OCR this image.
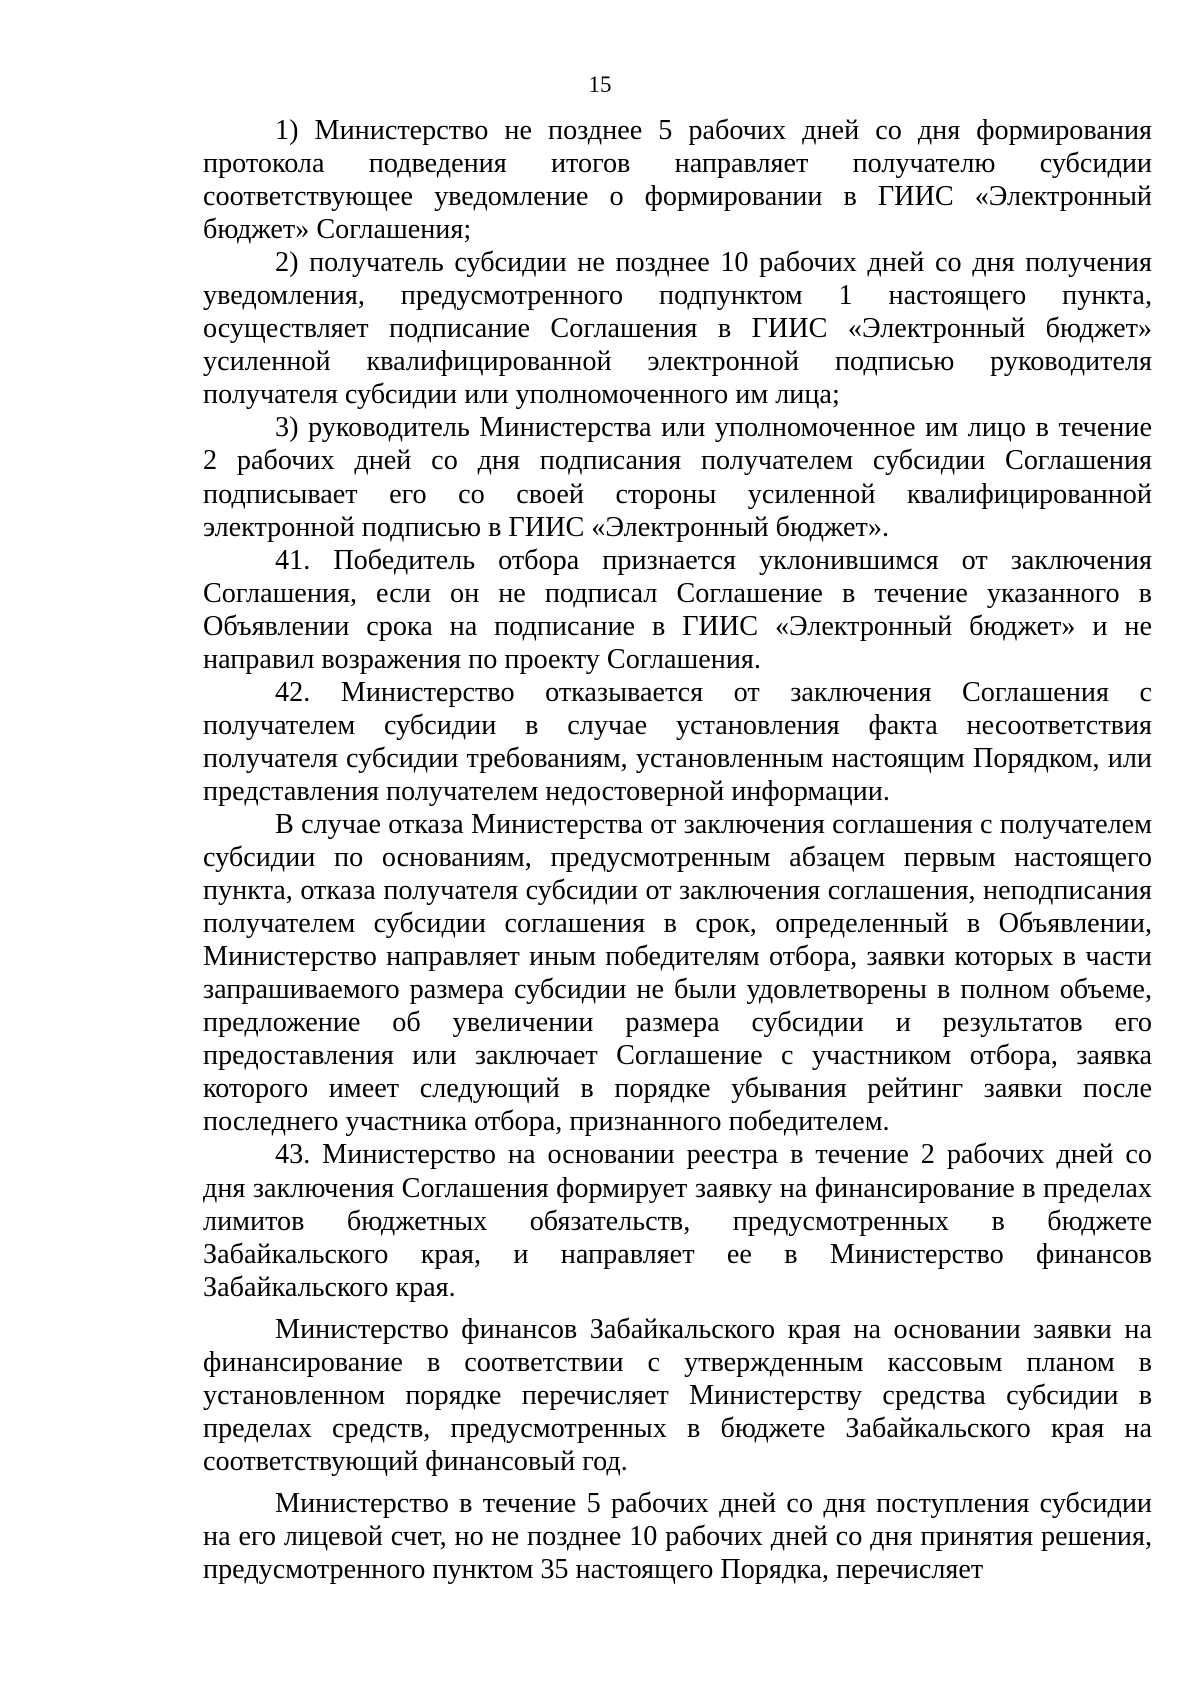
15

1) Министерство не позднее 5 рабочих дней со дня формирования протокола подведения итогов направляет получателю субсидии соответствующее уведомление о формировании в ГИИС «Электронный бюджет» Соглашения;

2) получатель субсидии не позднее 10 рабочих дней со дня получения уведомления, предусмотренного подпунктом 1 настоящего пункта, осуществляет подписание Соглашения в ГИИС «Электронный бюджет» усиленной квалифицированной электронной подписью руководителя получателя субсидии или уполномоченного им лица;

3) руководитель Министерства или уполномоченное им лицо в течение 2 рабочих дней со дня подписания получателем субсидии Соглашения подписывает его со своей стороны усиленной квалифицированной электронной подписью в ГИИС «Электронный бюджет».

41. Победитель отбора признается уклонившимся от заключения Соглашения, если он не подписал Соглашение в течение указанного в Объявлении срока на подписание в ГИИС «Электронный бюджет» и не направил возражения по проекту Соглашения.

42. Министерство отказывается от заключения Соглашения с получателем субсидии в случае установления факта несоответствия получателя субсидии требованиям, установленным настоящим Порядком, или представления получателем недостоверной информации.

В случае отказа Министерства от заключения соглашения с получателем субсидии по основаниям, предусмотренным абзацем первым настоящего пункта, отказа получателя субсидии от заключения соглашения, неподписания получателем субсидии соглашения в срок, определенный в Объявлении, Министерство направляет иным победителям отбора, заявки которых в части запрашиваемого размера субсидии не были удовлетворены в полном объеме, предложение об увеличении размера субсидии и результатов его предоставления или заключает Соглашение с участником отбора, заявка которого имеет следующий в порядке убывания рейтинг заявки после последнего участника отбора, признанного победителем.

43. Министерство на основании реестра в течение 2 рабочих дней со дня заключения Соглашения формирует заявку на финансирование в пределах лимитов бюджетных обязательств, предусмотренных в бюджете Забайкальского края, и направляет ее в Министерство финансов Забайкальского края.

Министерство финансов Забайкальского края на основании заявки на финансирование в соответствии с утвержденным кассовым планом в установленном порядке перечисляет Министерству средства субсидии в пределах средств, предусмотренных в бюджете Забайкальского края на соответствующий финансовый год.

Министерство в течение 5 рабочих дней со дня поступления субсидии на его лицевой счет, но не позднее 10 рабочих дней со дня принятия решения, предусмотренного пунктом 35 настоящего Порядка, перечисляет
